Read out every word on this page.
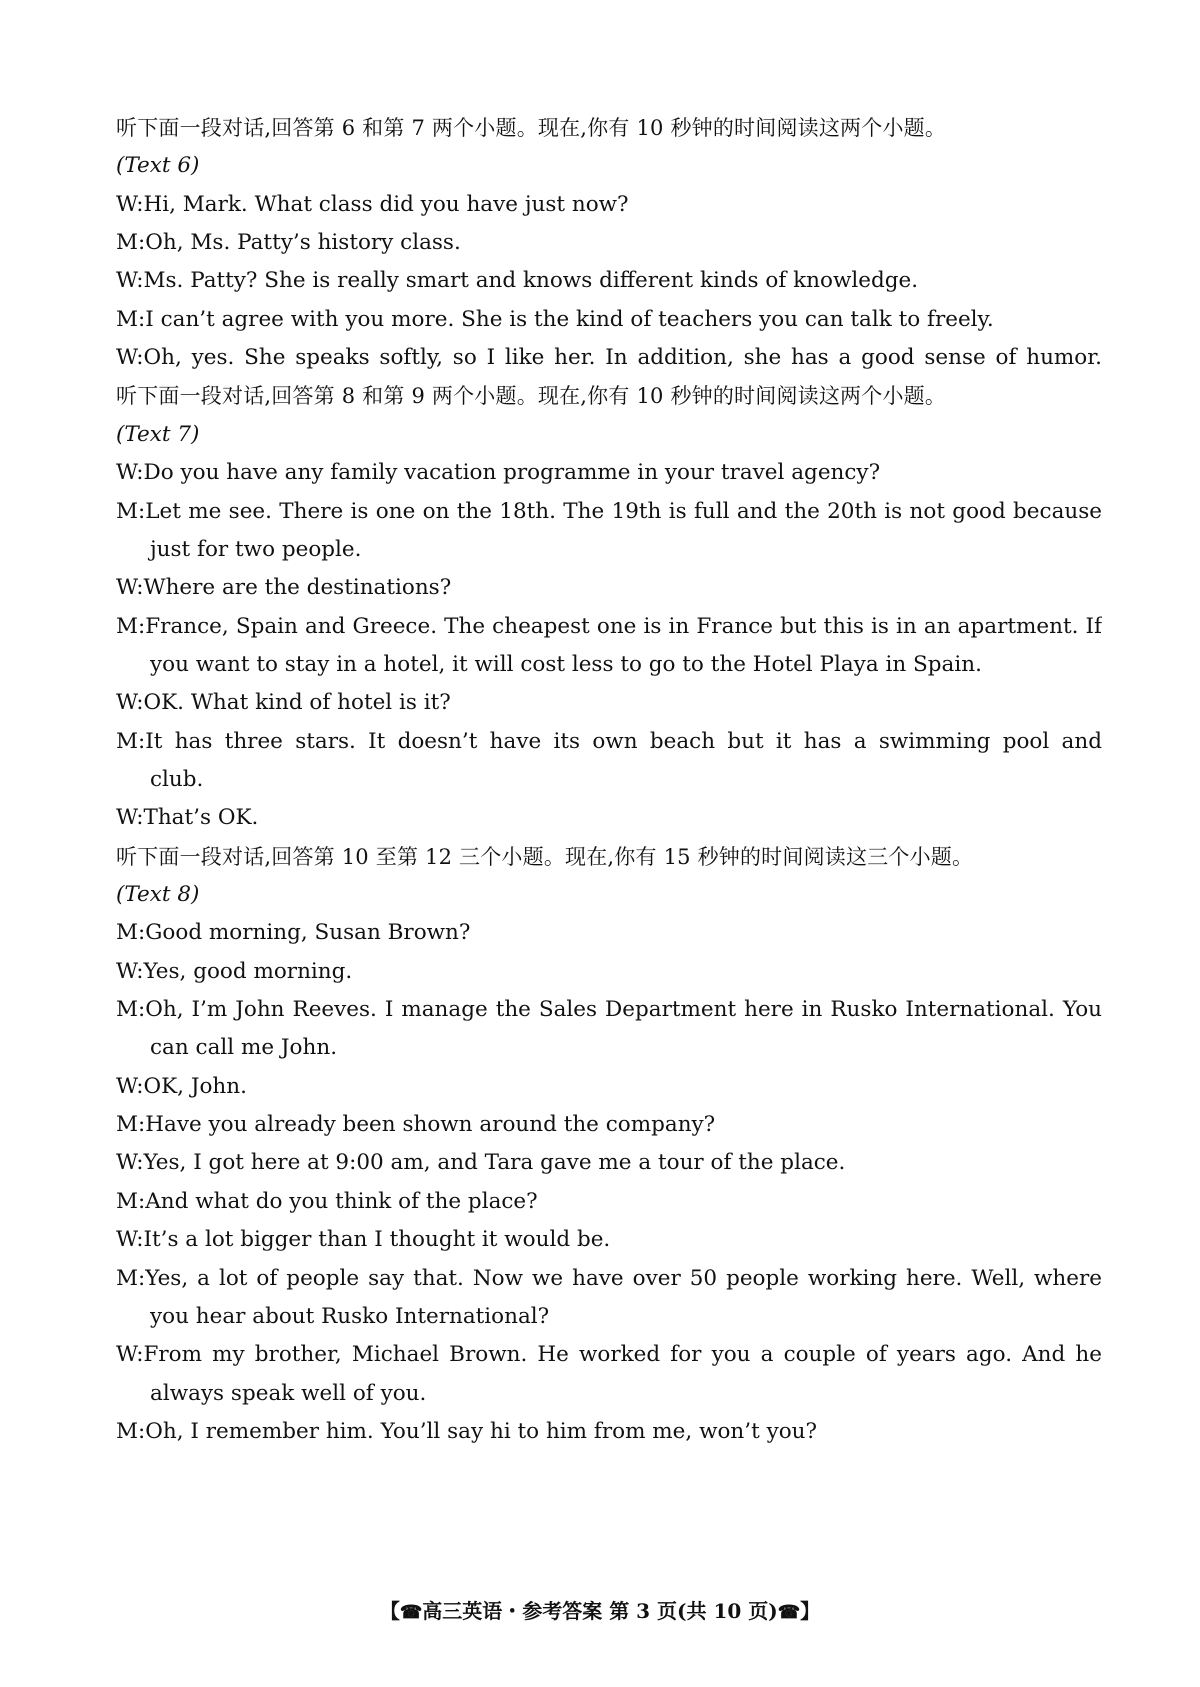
听下面一段对话,回答第 6 和第 7 两个小题。现在,你有 10 秒钟的时间阅读这两个小题。
(Text 6)
W:Hi, Mark. What class did you have just now?
M:Oh, Ms. Patty’s history class.
W:Ms. Patty? She is really smart and knows different kinds of knowledge.
M:I can’t agree with you more. She is the kind of teachers you can talk to freely.
W:Oh, yes. She speaks softly, so I like her. In addition, she has a good sense of humor.
听下面一段对话,回答第 8 和第 9 两个小题。现在,你有 10 秒钟的时间阅读这两个小题。
(Text 7)
W:Do you have any family vacation programme in your travel agency?
M:Let me see. There is one on the 18th. The 19th is full and the 20th is not good because
just for two people.
W:Where are the destinations?
M:France, Spain and Greece. The cheapest one is in France but this is in an apartment. If
you want to stay in a hotel, it will cost less to go to the Hotel Playa in Spain.
W:OK. What kind of hotel is it?
M:It has three stars. It doesn’t have its own beach but it has a swimming pool and
club.
W:That’s OK.
听下面一段对话,回答第 10 至第 12 三个小题。现在,你有 15 秒钟的时间阅读这三个小题。
(Text 8)
M:Good morning, Susan Brown?
W:Yes, good morning.
M:Oh, I’m John Reeves. I manage the Sales Department here in Rusko International. You
can call me John.
W:OK, John.
M:Have you already been shown around the company?
W:Yes, I got here at 9:00 am, and Tara gave me a tour of the place.
M:And what do you think of the place?
W:It’s a lot bigger than I thought it would be.
M:Yes, a lot of people say that. Now we have over 50 people working here. Well, where
you hear about Rusko International?
W:From my brother, Michael Brown. He worked for you a couple of years ago. And he
always speak well of you.
M:Oh, I remember him. You’ll say hi to him from me, won’t you?
【☎高三英语・参考答案 第 3 页(共 10 页)☎】
